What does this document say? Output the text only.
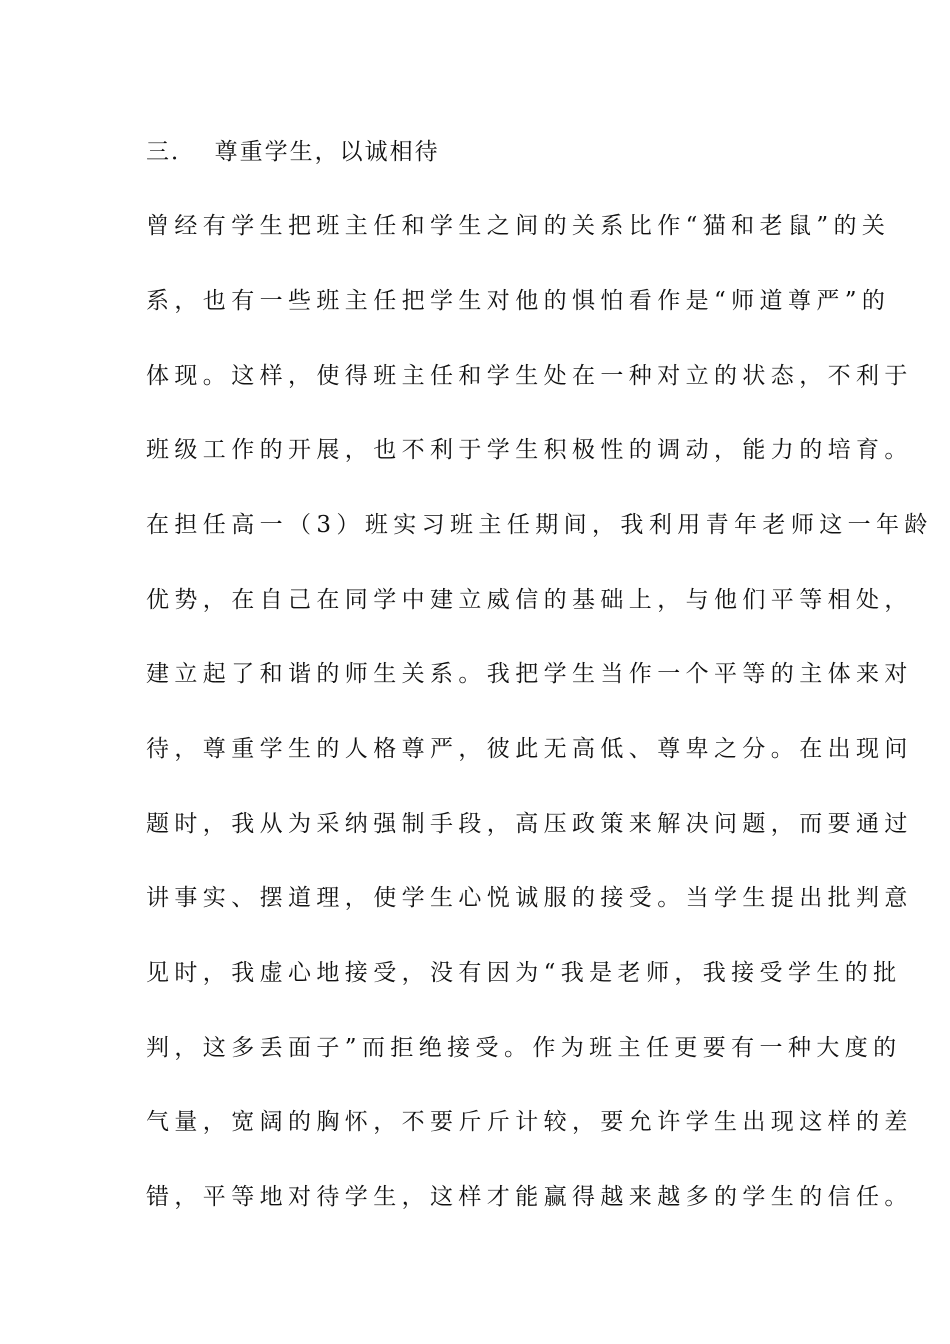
三．  尊重学生，以诚相待
曾经有学生把班主任和学生之间的关系比作“猫和老鼠”的关
系，也有一些班主任把学生对他的惧怕看作是“师道尊严”的
体现。这样，使得班主任和学生处在一种对立的状态，不利于
班级工作的开展，也不利于学生积极性的调动，能力的培育。
在担任高一（3）班实习班主任期间，我利用青年老师这一年龄
优势，在自己在同学中建立威信的基础上，与他们平等相处，
建立起了和谐的师生关系。我把学生当作一个平等的主体来对
待，尊重学生的人格尊严，彼此无高低、尊卑之分。在出现问
题时，我从为采纳强制手段，高压政策来解决问题，而要通过
讲事实、摆道理，使学生心悦诚服的接受。当学生提出批判意
见时，我虚心地接受，没有因为“我是老师，我接受学生的批
判，这多丢面子”而拒绝接受。作为班主任更要有一种大度的
气量，宽阔的胸怀，不要斤斤计较，要允许学生出现这样的差
错，平等地对待学生，这样才能赢得越来越多的学生的信任。
